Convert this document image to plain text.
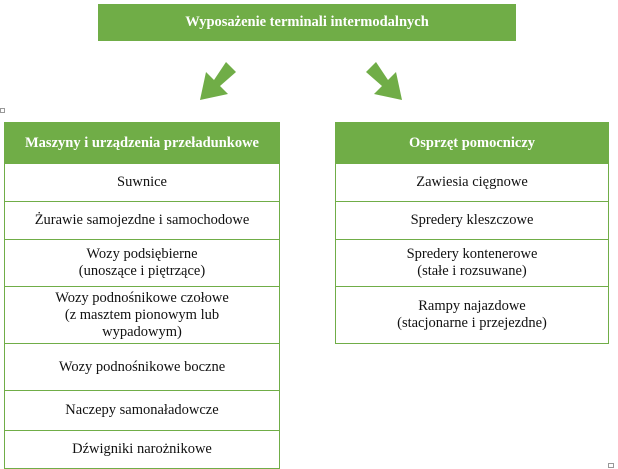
Wyposażenie terminali intermodalnych
Maszyny i urządzenia przeładunkowe
Suwnice
Żurawie samojezdne i samochodowe
Wozy podsiębierne
(unoszące i piętrzące)
Wozy podnośnikowe czołowe
(z masztem pionowym lub
wypadowym)
Wozy podnośnikowe boczne
Naczepy samonaładowcze
Dźwigniki narożnikowe
Osprzęt pomocniczy
Zawiesia cięgnowe
Spredery kleszczowe
Spredery kontenerowe
(stałe i rozsuwane)
Rampy najazdowe
(stacjonarne i przejezdne)
